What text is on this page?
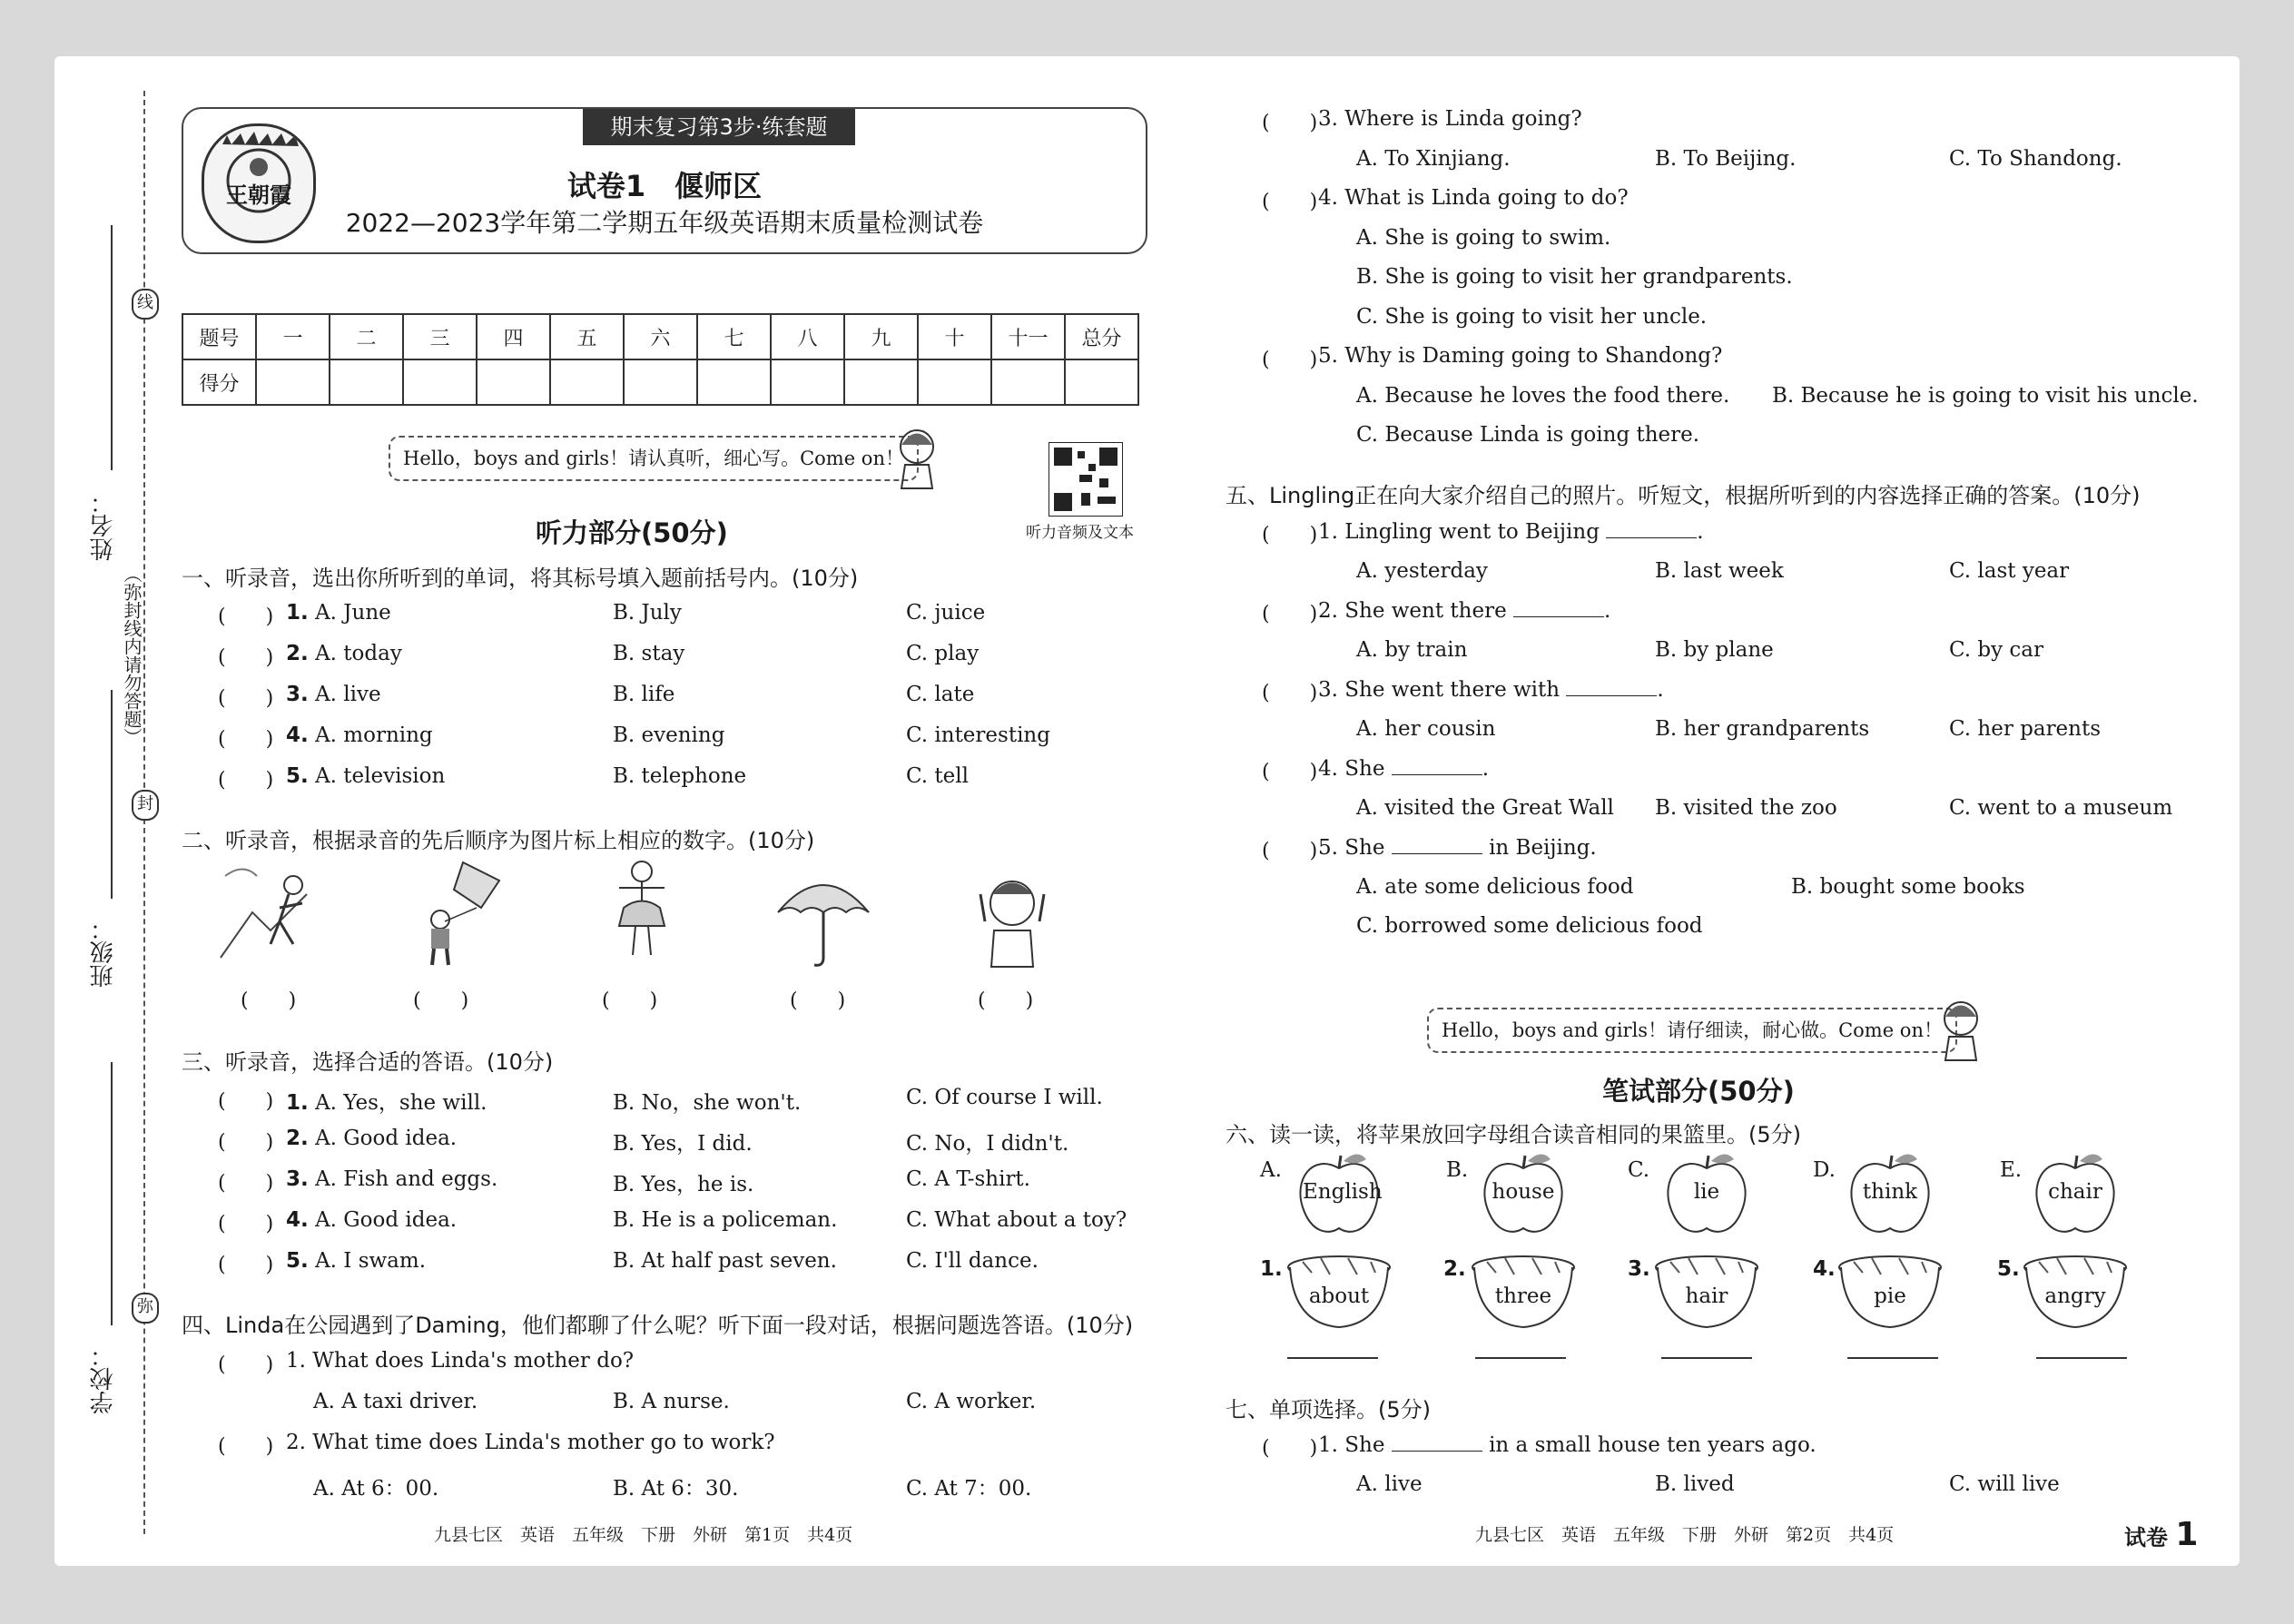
线
封
弥
（弥封线内请勿答题）
姓名：
班级：
学校：
王朝霞
期末复习第3步·练套题
试卷1　偃师区
2022—2023学年第二学期五年级英语期末质量检测试卷
题号	一	二	三	四	五	六	七	八	九	十	十一	总分
得分												
Hello，boys and girls！请认真听，细心写。Come on！
听力音频及文本
听力部分(50分)
一、听录音，选出你所听到的单词，将其标号填入题前括号内。(10分)
(　　) 1. A. June	B. July	C. juice
(　　) 2. A. today	B. stay	C. play
(　　) 3. A. live	B. life	C. late
(　　) 4. A. morning	B. evening	C. interesting
(　　) 5. A. television	B. telephone	C. tell
二、听录音，根据录音的先后顺序为图片标上相应的数字。(10分)
(　　)	(　　)	(　　)	(　　)	(　　)
三、听录音，选择合适的答语。(10分)
(　　) 1. A. Yes，she will.	B. No，she won't.	C. Of course I will.
(　　) 2. A. Good idea.	B. Yes，I did.	C. No，I didn't.
(　　) 3. A. Fish and eggs.	B. Yes，he is.	C. A T-shirt.
(　　) 4. A. Good idea.	B. He is a policeman.	C. What about a toy?
(　　) 5. A. I swam.	B. At half past seven.	C. I'll dance.
四、Linda在公园遇到了Daming，他们都聊了什么呢？听下面一段对话，根据问题选答语。(10分)
(　　) 1. What does Linda's mother do?
A. A taxi driver.	B. A nurse.	C. A worker.
(　　) 2. What time does Linda's mother go to work?
A. At 6：00.	B. At 6：30.	C. At 7：00.
九县七区　英语　五年级　下册　外研　第1页　共4页
(　　) 3. Where is Linda going?
A. To Xinjiang.	B. To Beijing.	C. To Shandong.
(　　) 4. What is Linda going to do?
A. She is going to swim.
B. She is going to visit her grandparents.
C. She is going to visit her uncle.
(　　) 5. Why is Daming going to Shandong?
A. Because he loves the food there. B. Because he is going to visit his uncle.
C. Because Linda is going there.
五、Lingling正在向大家介绍自己的照片。听短文，根据所听到的内容选择正确的答案。(10分)
(　　) 1. Lingling went to Beijing	.
A. yesterday	B. last week	C. last year
(　　) 2. She went there	.
A. by train	B. by plane	C. by car
(　　) 3. She went there with	.
A. her cousin	B. her grandparents	C. her parents
(　　) 4. She	.
A. visited the Great Wall B. visited the zoo	C. went to a museum
(　　) 5. She	in Beijing.
A. ate some delicious food	B. bought some books
C. borrowed some delicious food
Hello，boys and girls！请仔细读，耐心做。Come on！
笔试部分(50分)
六、读一读，将苹果放回字母组合读音相同的果篮里。(5分)
A.
English
B.
house
C.
lie
D.
think
E.
chair
1.
about
2.
three
3.
hair
4.
pie
5.
angry
七、单项选择。(5分)
(　　) 1. She	in a small house ten years ago.
A. live	B. lived	C. will live
九县七区　英语　五年级　下册　外研　第2页　共4页	试卷 1
